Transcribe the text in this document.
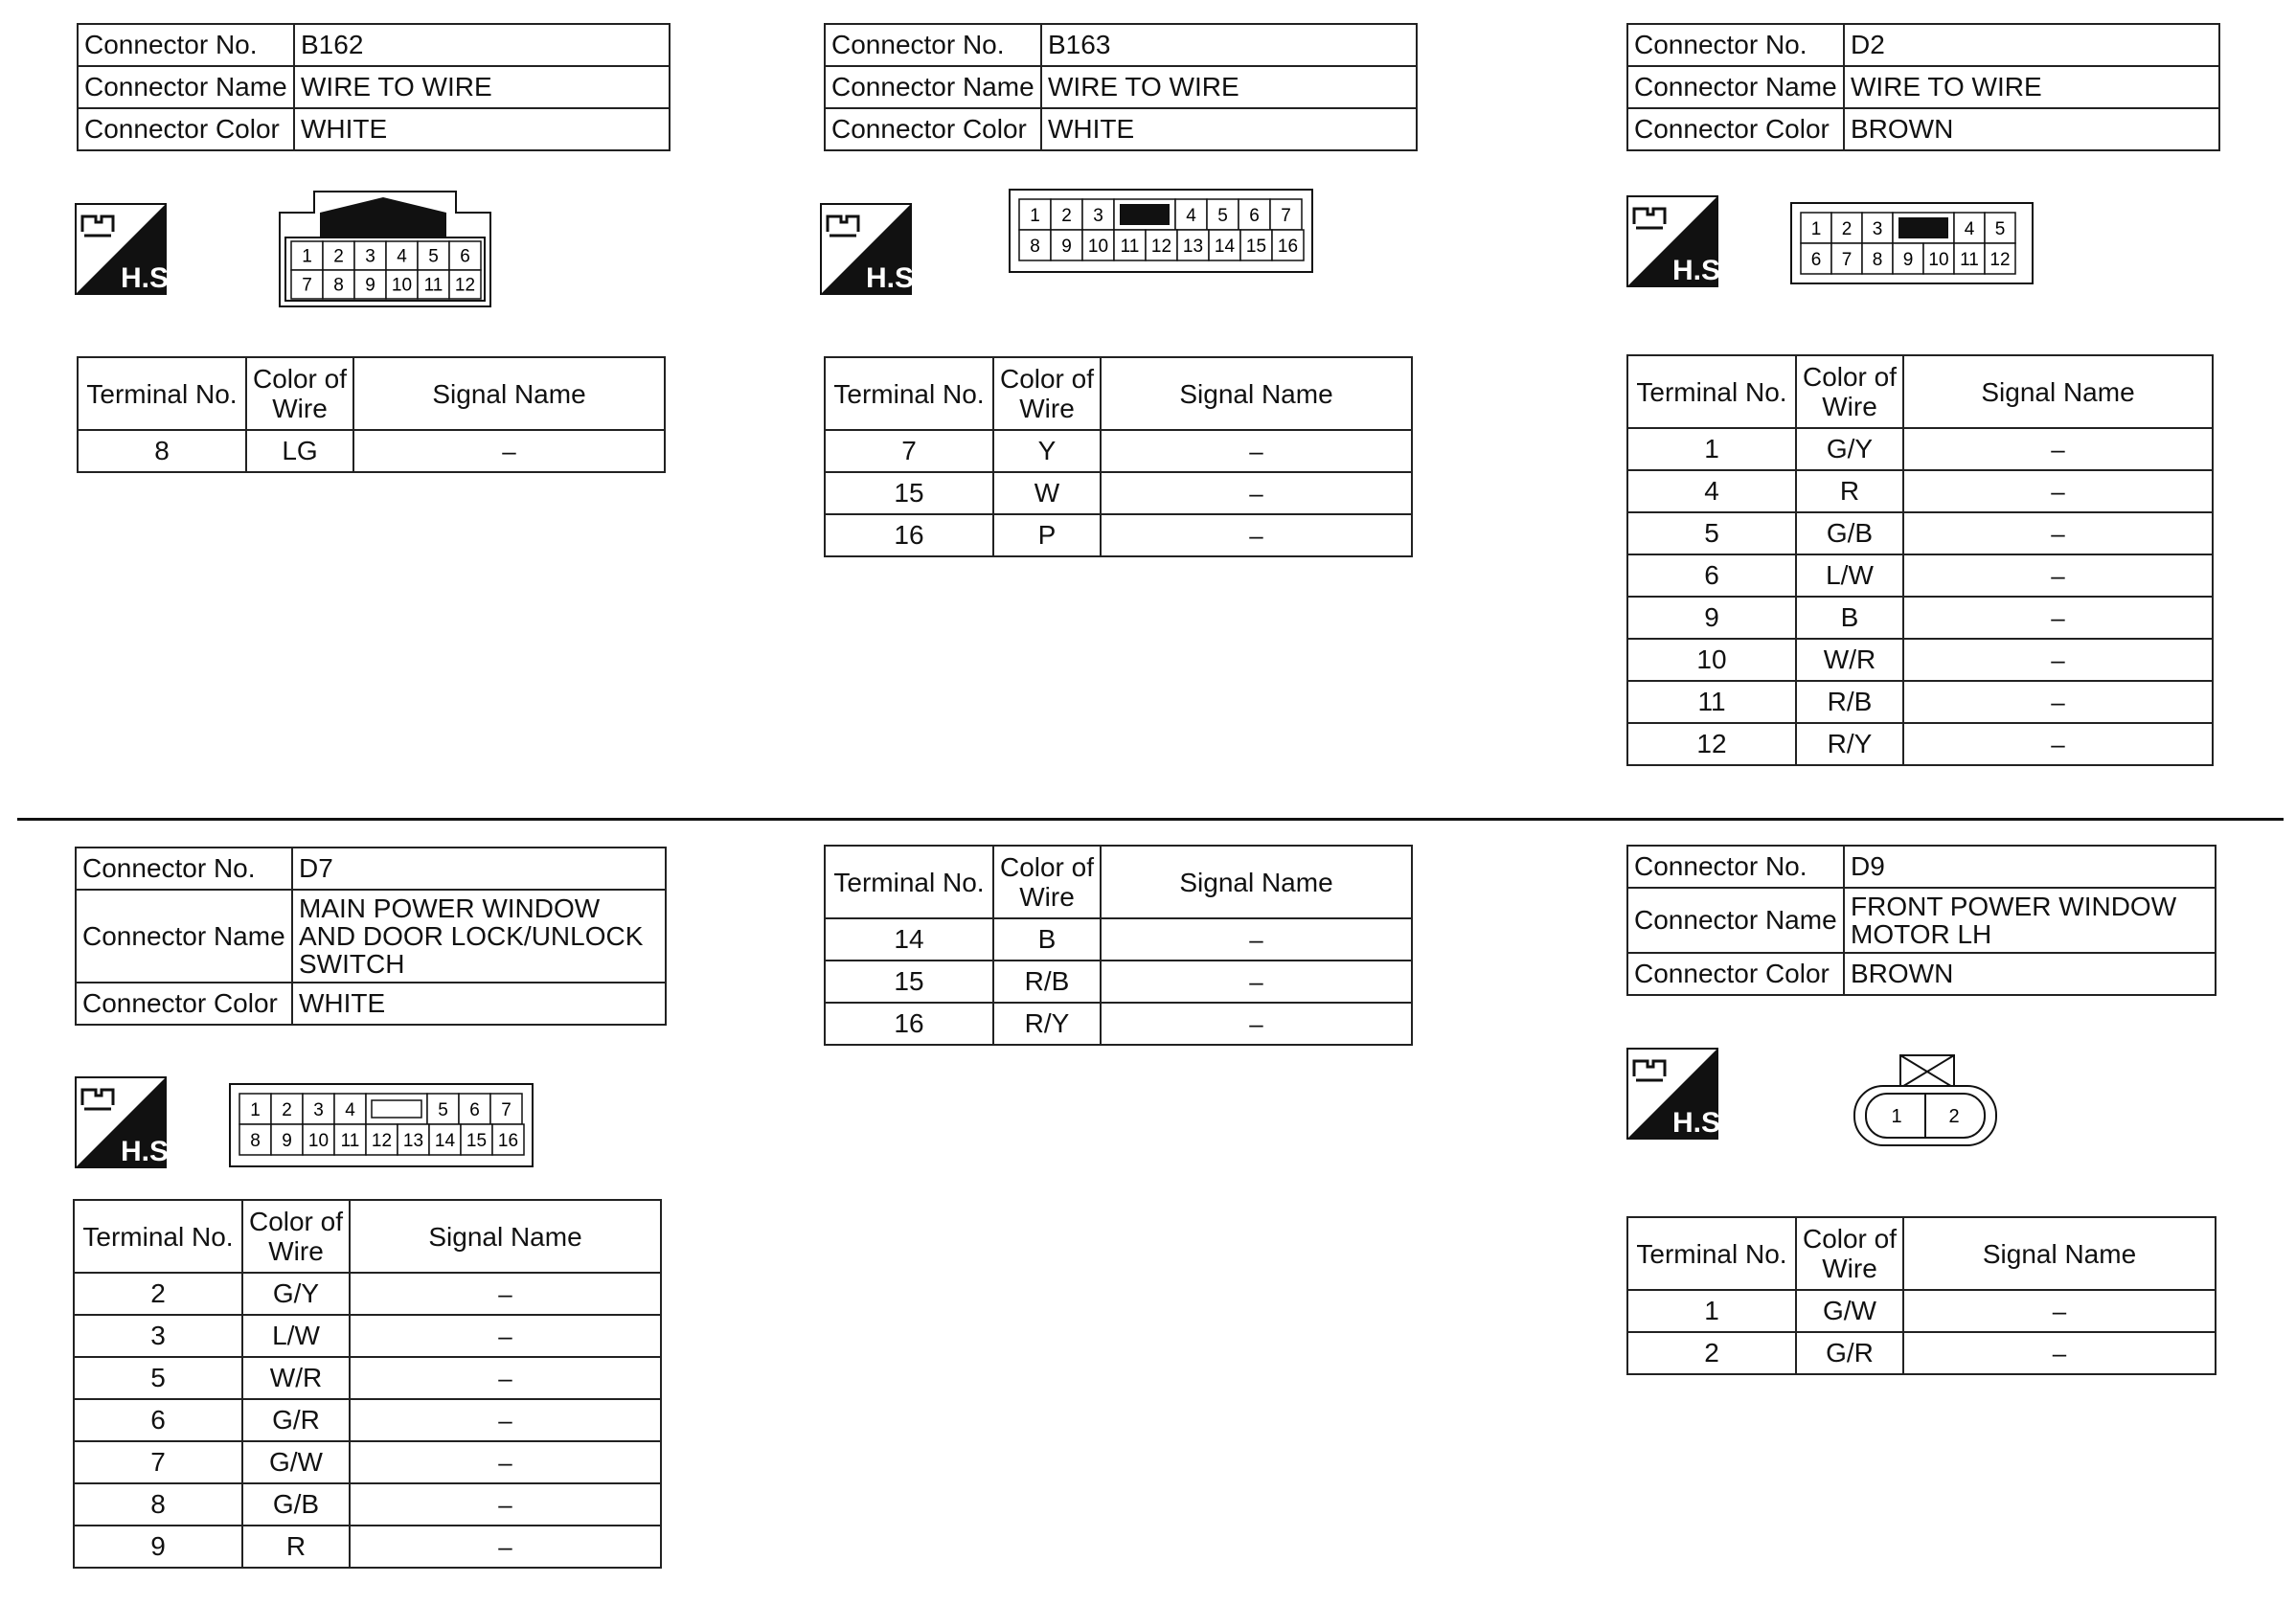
Connector No.	B162
Connector Name	WIRE TO WIRE
Connector Color	WHITE
H.S.
1 2 3 4 5 6
7 8 9 10 11 12
Terminal No.	Color of Wire	Signal Name
8	LG	–
Connector No.	B163
Connector Name	WIRE TO WIRE
Connector Color	WHITE
H.S.
1 2 3	4 5 6 7
8 9 10 11 12 13 14 15 16
Terminal No.	Color of Wire	Signal Name
7	Y	–
15	W	–
16	P	–
Connector No.	D2
Connector Name	WIRE TO WIRE
Connector Color	BROWN
H.S.
1 2 3	4 5
6 7 8 9 10 11 12
Terminal No.	Color of Wire	Signal Name
1	G/Y	–
4	R	–
5	G/B	–
6	L/W	–
9	B	–
10	W/R	–
11	R/B	–
12	R/Y	–
Connector No.	D7
Connector Name	MAIN POWER WINDOW AND DOOR LOCK/UNLOCK SWITCH
Connector Color	WHITE
H.S.
1 2 3 4	5 6 7
8 9 10 11 12 13 14 15 16
Terminal No.	Color of Wire	Signal Name
2	G/Y	–
3	L/W	–
5	W/R	–
6	G/R	–
7	G/W	–
8	G/B	–
9	R	–
Terminal No.	Color of Wire	Signal Name
14	B	–
15	R/B	–
16	R/Y	–
Connector No.	D9
Connector Name	FRONT POWER WINDOW MOTOR LH
Connector Color	BROWN
H.S.	1 2
Terminal No.	Color of Wire	Signal Name
1	G/W	–
2	G/R	–
